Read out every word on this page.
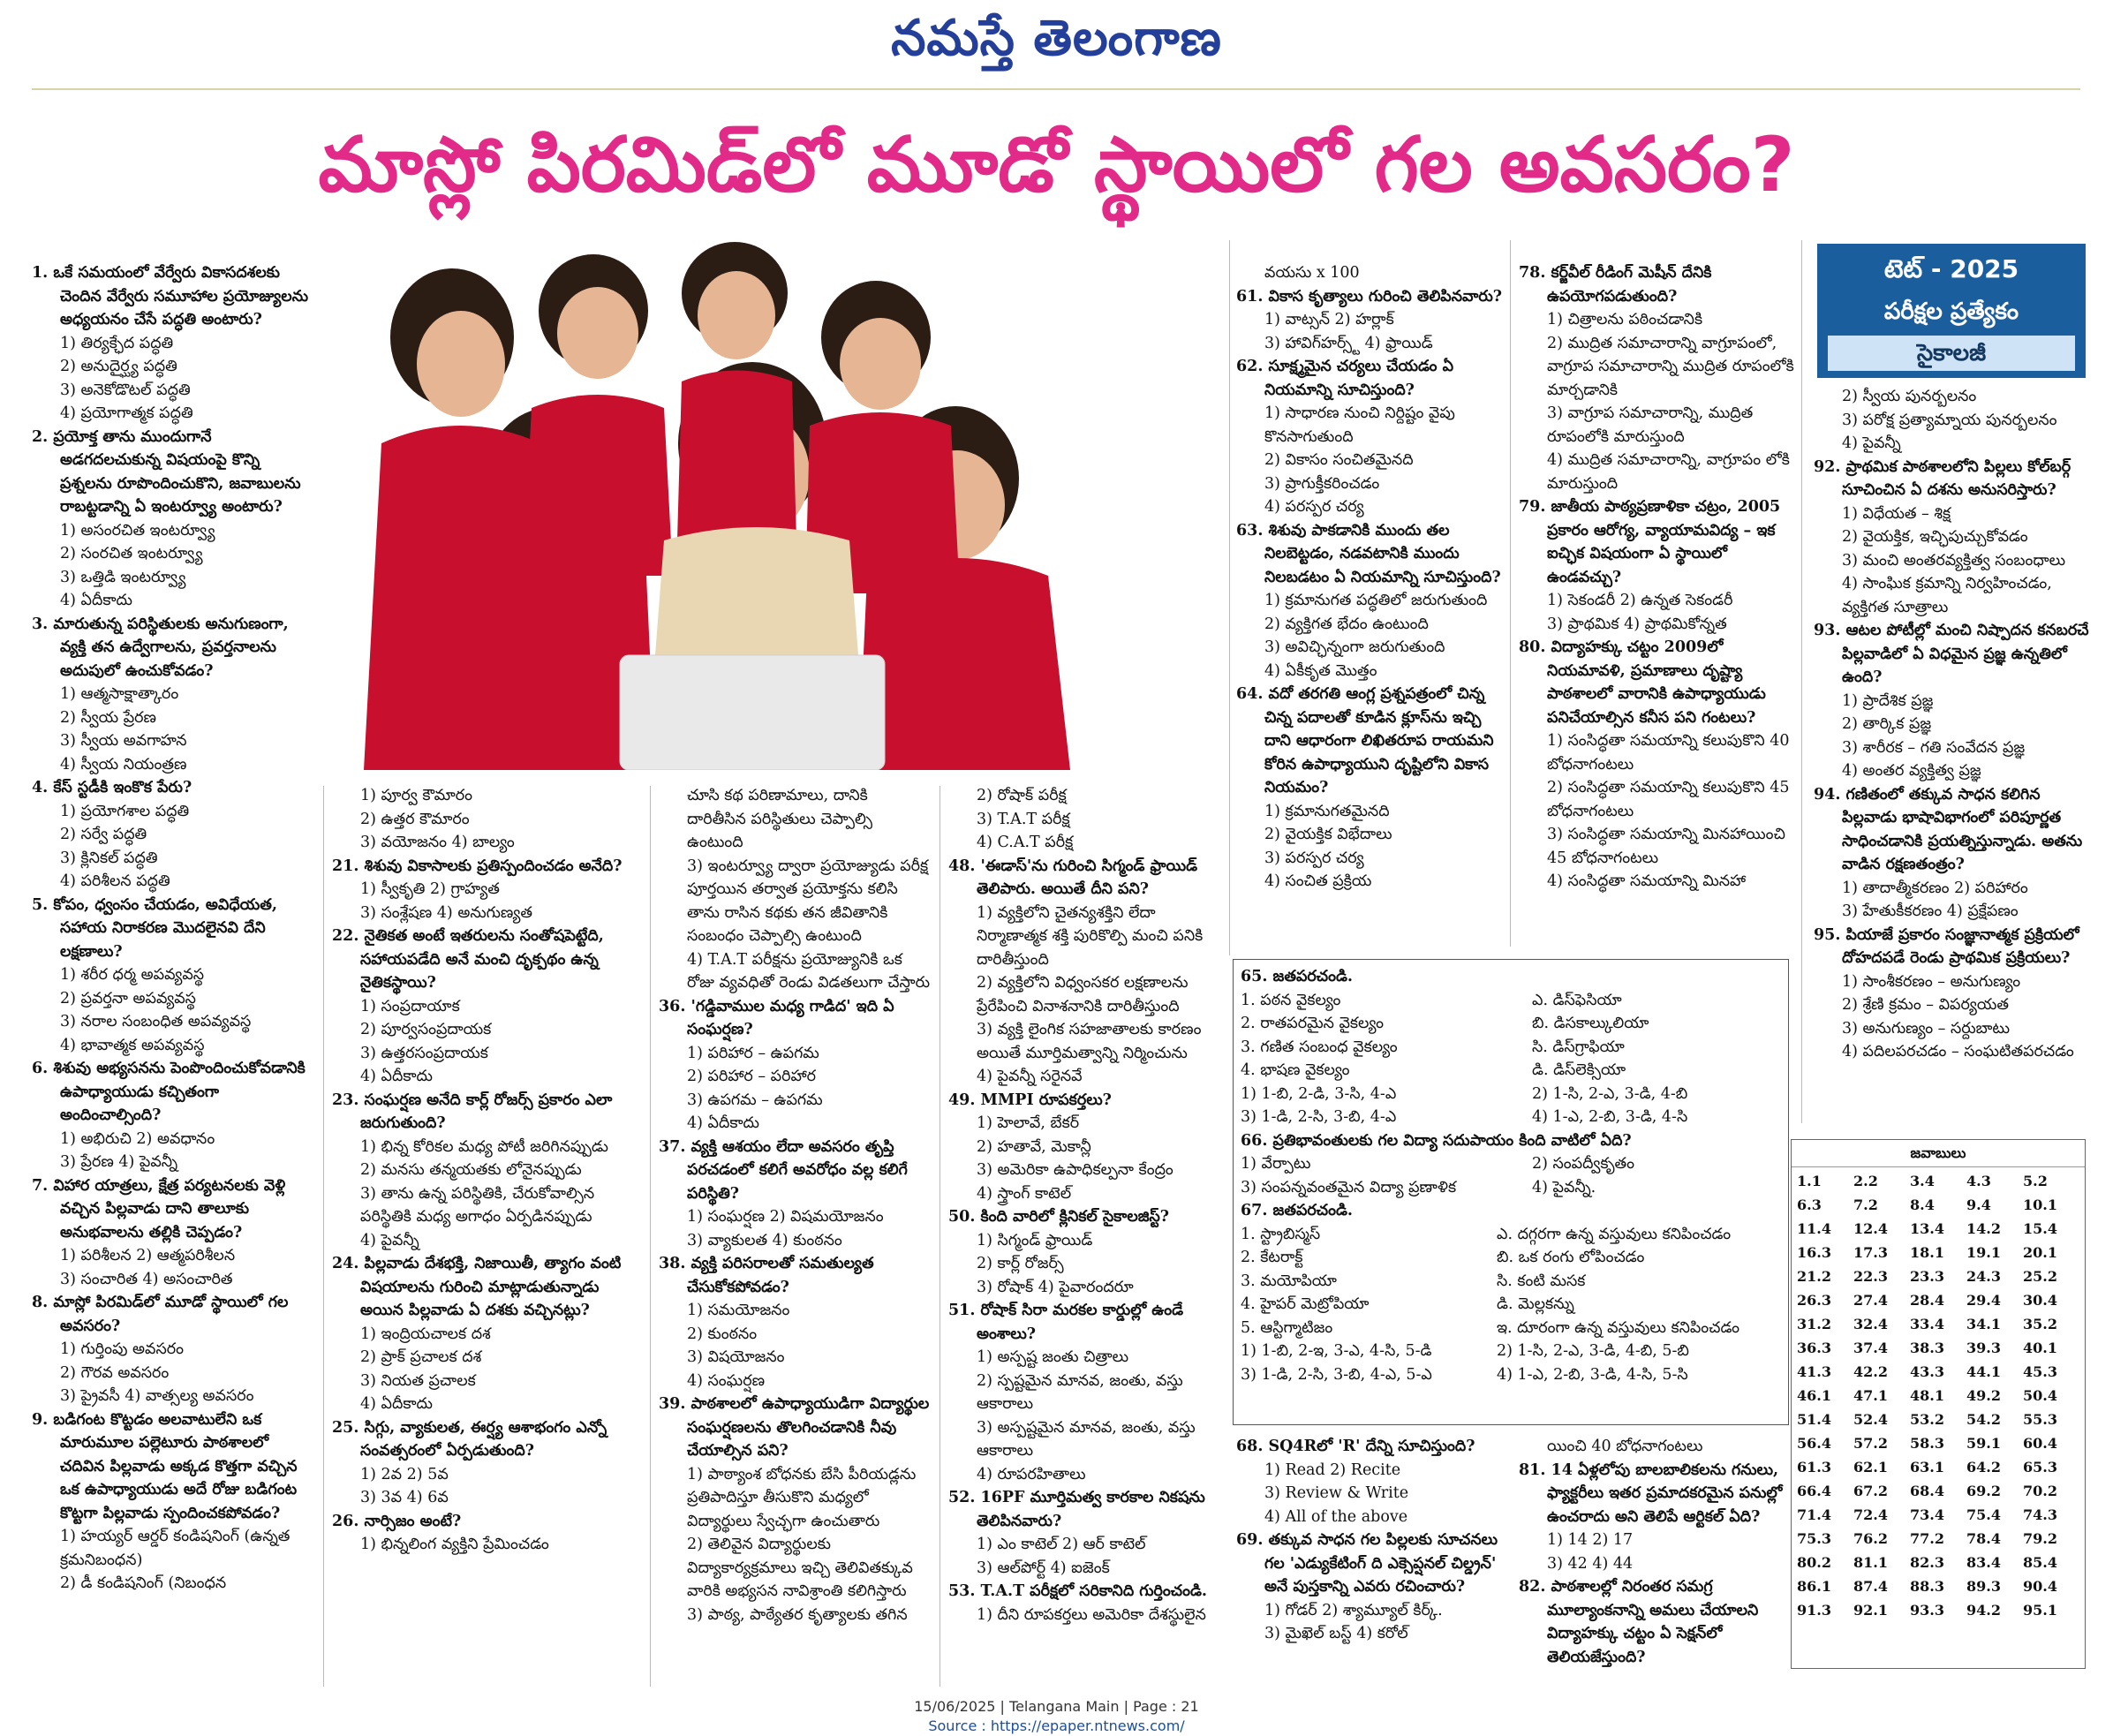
నమస్తే తెలంగాణ
మాస్లో పిరమిడ్‌లో మూడో స్థాయిలో గల అవసరం?

1. ఒకే సమయంలో వేర్వేరు వికాసదశలకు చెందిన వేర్వేరు సమూహాల ప్రయోజ్యులను అధ్యయనం చేసే పద్ధతి అంటారు?

1) తిర్యక్ఛేద పద్ధతి

2) అనుదైర్ఘ్య పద్ధతి

3) అనెకోడొటల్ పద్ధతి

4) ప్రయోగాత్మక పద్ధతి

2. ప్రయోక్త తాను ముందుగానే అడగదలచుకున్న విషయంపై కొన్ని ప్రశ్నలను రూపొందించుకొని, జవాబులను రాబట్టడాన్ని ఏ ఇంటర్వ్యూ అంటారు?

1) అసంరచిత ఇంటర్వ్యూ

2) సంరచిత ఇంటర్వ్యూ

3) ఒత్తిడి ఇంటర్వ్యూ

4) ఏదీకాదు

3. మారుతున్న పరిస్థితులకు అనుగుణంగా, వ్యక్తి తన ఉద్వేగాలను, ప్రవర్తనాలను అదుపులో ఉంచుకోవడం?

1) ఆత్మసాక్షాత్కారం

2) స్వీయ ప్రేరణ

3) స్వీయ అవగాహన

4) స్వీయ నియంత్రణ

4. కేస్ స్టడీకి ఇంకొక పేరు?

1) ప్రయోగశాల పద్ధతి

2) సర్వే పద్ధతి

3) క్లినికల్ పద్ధతి

4) పరిశీలన పద్ధతి

5. కోపం, ధ్వంసం చేయడం, అవిధేయత, సహాయ నిరాకరణ మొదలైనవి దేని లక్షణాలు?

1) శరీర ధర్మ అపవ్యవస్థ

2) ప్రవర్తనా అపవ్యవస్థ

3) నరాల సంబంధిత అపవ్యవస్థ

4) భావాత్మక అపవ్యవస్థ

6. శిశువు అభ్యసనను పెంపొందించుకోవడానికి ఉపాధ్యాయుడు కచ్చితంగా అందించాల్సింది?

1) అభిరుచి 2) అవధానం

3) ప్రేరణ 4) పైవన్నీ

7. విహార యాత్రలు, క్షేత్ర పర్యటనలకు వెళ్లి వచ్చిన పిల్లవాడు దాని తాలూకు అనుభవాలను తల్లికి చెప్పడం?

1) పరిశీలన 2) ఆత్మపరిశీలన

3) సంచారిత 4) అసంచారిత

8. మాస్లో పిరమిడ్‌లో మూడో స్థాయిలో గల అవసరం?

1) గుర్తింపు అవసరం

2) గౌరవ అవసరం

3) ప్రైవసీ 4) వాత్సల్య అవసరం

9. బడిగంట కొట్టడం అలవాటులేని ఒక మారుమూల పల్లెటూరు పాఠశాలలో చదివిన పిల్లవాడు అక్కడ కొత్తగా వచ్చిన ఒక ఉపాధ్యాయుడు అదే రోజు బడిగంట కొట్టగా పిల్లవాడు స్పందించకపోవడం?

1) హయ్యర్ ఆర్డర్ కండిషనింగ్ (ఉన్నత క్రమనిబంధన)

2) డీ కండిషనింగ్ (నిబంధన

1) పూర్వ కౌమారం

2) ఉత్తర కౌమారం

3) వయోజనం 4) బాల్యం

21. శిశువు వికాసాలకు ప్రతిస్పందించడం అనేది?

1) స్వీకృతి 2) గ్రాహ్యత

3) సంశ్లేషణ 4) అనుగుణ్యత

22. నైతికత అంటే ఇతరులను సంతోషపెట్టేది, సహాయపడేది అనే మంచి దృక్పథం ఉన్న నైతికస్థాయి?

1) సంప్రదాయాక

2) పూర్వసంప్రదాయక

3) ఉత్తరసంప్రదాయక

4) ఏదీకాదు

23. సంఘర్షణ అనేది కార్ల్ రోజర్స్ ప్రకారం ఎలా జరుగుతుంది?

1) భిన్న కోరికల మధ్య పోటీ జరిగినప్పుడు

2) మనసు తన్మయతకు లోనైనప్పుడు

3) తాను ఉన్న పరిస్థితికి, చేరుకోవాల్సిన పరిస్థితికి మధ్య అగాధం ఏర్పడినప్పుడు

4) పైవన్నీ

24. పిల్లవాడు దేశభక్తి, నిజాయితీ, త్యాగం వంటి విషయాలను గురించి మాట్లాడుతున్నాడు అయిన పిల్లవాడు ఏ దశకు వచ్చినట్లు?

1) ఇంద్రియచాలక దశ

2) ప్రాక్ ప్రచాలక దశ

3) నియత ప్రచాలక

4) ఏదీకాదు

25. సిగ్గు, వ్యాకులత, ఈర్ష్య ఆశాభంగం ఎన్నో సంవత్సరంలో ఏర్పడుతుంది?

1) 2వ 2) 5వ

3) 3వ 4) 6వ

26. నార్సిజం అంటే?

1) భిన్నలింగ వ్యక్తిని ప్రేమించడం

చూసి కథ పరిణామాలు, దానికి దారితీసిన పరిస్థితులు చెప్పాల్సి ఉంటుంది

3) ఇంటర్వ్యూ ద్వారా ప్రయోజ్యుడు పరీక్ష పూర్తయిన తర్వాత ప్రయోక్తను కలిసి తాను రాసిన కథకు తన జీవితానికి సంబంధం చెప్పాల్సి ఉంటుంది

4) T.A.T పరీక్షను ప్రయోజ్యునికి ఒక రోజు వ్యవధితో రెండు విడతలుగా చేస్తారు

36. 'గడ్డివాముల మధ్య గాడిద' ఇది ఏ సంఘర్షణ?

1) పరిహార – ఉపగమ

2) పరిహార – పరిహార

3) ఉపగమ – ఉపగమ

4) ఏదీకాదు

37. వ్యక్తి ఆశయం లేదా అవసరం తృప్తి పరచడంలో కలిగే అవరోధం వల్ల కలిగే పరిస్థితి?

1) సంఘర్షణ 2) విషమయోజనం

3) వ్యాకులత 4) కుంఠనం

38. వ్యక్తి పరిసరాలతో సమతుల్యత చేసుకోకపోవడం?

1) సమయోజనం

2) కుంఠనం

3) విషయోజనం

4) సంఘర్షణ

39. పాఠశాలలో ఉపాధ్యాయుడిగా విద్యార్థుల సంఘర్షణలను తొలగించడానికి నీవు చేయాల్సిన పని?

1) పాఠ్యాంశ బోధనకు బేసి పీరియడ్లను ప్రతిపాదిస్తూ తీసుకొని మధ్యలో విద్యార్థులు స్వేచ్ఛగా ఉంచుతారు

2) తెలివైన విద్యార్థులకు విద్యాకార్యక్రమాలు ఇచ్చి తెలివితక్కువ వారికి అభ్యసన నావిశ్రాంతి కలిగిస్తారు

3) పాఠ్య, పాఠ్యేతర కృత్యాలకు తగిన

2) రోషాక్ పరీక్ష

3) T.A.T పరీక్ష

4) C.A.T పరీక్ష

48. 'ఈడాస్'ను గురించి సిగ్మండ్ ఫ్రాయిడ్ తెలిపారు. అయితే దీని పని?

1) వ్యక్తిలోని చైతన్యశక్తిని లేదా నిర్మాణాత్మక శక్తి పురికొల్పి మంచి పనికి దారితీస్తుంది

2) వ్యక్తిలోని విధ్వంసకర లక్షణాలను ప్రేరేపించి వినాశనానికి దారితీస్తుంది

3) వ్యక్తి లైంగిక సహజాతాలకు కారణం అయితే మూర్తిమత్వాన్ని నిర్మించును

4) పైవన్నీ సరైనవే

49. MMPI రూపకర్తలు?

1) హెలావే, బేకర్

2) హతావే, మెకాన్లీ

3) అమెరికా ఉపాధికల్పనా కేంద్రం

4) స్త్రాంగ్ కాటెల్

50. కింది వారిలో క్లినికల్ సైకాలజిస్ట్?

1) సిగ్మండ్ ఫ్రాయిడ్

2) కార్ల్ రోజర్స్

3) రోషాక్ 4) పైవారందరూ

51. రోషాక్ సిరా మరకల కార్డుల్లో ఉండే అంశాలు?

1) అస్పష్ట జంతు చిత్రాలు

2) స్పష్టమైన మానవ, జంతు, వస్తు ఆకారాలు

3) అస్పష్టమైన మానవ, జంతు, వస్తు ఆకారాలు

4) రూపరహితాలు

52. 16PF మూర్తిమత్వ కారకాల నికషను తెలిపినవారు?

1) ఎం కాటెల్ 2) ఆర్ కాటెల్

3) ఆల్‌పోర్ట్ 4) ఐజెంక్

53. T.A.T పరీక్షలో సరికానిది గుర్తించండి.

1) దీని రూపకర్తలు అమెరికా దేశస్థులైన

వయసు x 100

61. వికాస కృత్యాలు గురించి తెలిపినవారు?

1) వాట్సన్ 2) హర్లాక్

3) హావిగ్‌హర్స్ట్ 4) ఫ్రాయిడ్

62. సూక్ష్మమైన చర్యలు చేయడం ఏ నియమాన్ని సూచిస్తుంది?

1) సాధారణ నుంచి నిర్దిష్టం వైపు కొనసాగుతుంది

2) వికాసం సంచితమైనది

3) ప్రాగుక్తీకరించడం

4) పరస్పర చర్య

63. శిశువు పాకడానికి ముందు తల నిలబెట్టడం, నడవటానికి ముందు నిలబడటం ఏ నియమాన్ని సూచిస్తుంది?

1) క్రమానుగత పద్ధతిలో జరుగుతుంది

2) వ్యక్తిగత భేదం ఉంటుంది

3) అవిచ్ఛిన్నంగా జరుగుతుంది

4) ఏకీకృత మొత్తం

64. వదో తరగతి ఆంగ్ల ప్రశ్నపత్రంలో చిన్న చిన్న పదాలతో కూడిన క్లూస్‌ను ఇచ్చి దాని ఆధారంగా లిఖితరూప రాయమని కోరిన ఉపాధ్యాయుని దృష్టిలోని వికాస నియమం?

1) క్రమానుగతమైనది

2) వైయక్తిక విభేదాలు

3) పరస్పర చర్య

4) సంచిత ప్రక్రియ

78. కర్జ్‌వీల్ రీడింగ్ మెషీన్ దేనికి ఉపయోగపడుతుంది?

1) చిత్రాలను పఠించడానికి

2) ముద్రిత సమాచారాన్ని వాగ్రూపంలో, వాగ్రూప సమాచారాన్ని ముద్రిత రూపంలోకి మార్చడానికి

3) వాగ్రూప సమాచారాన్ని, ముద్రిత రూపంలోకి మారుస్తుంది

4) ముద్రిత సమాచారాన్ని, వాగ్రూపం లోకి మారుస్తుంది

79. జాతీయ పాఠ్యప్రణాళికా చట్రం, 2005 ప్రకారం ఆరోగ్య, వ్యాయామవిద్య – ఇక ఐచ్ఛిక విషయంగా ఏ స్థాయిలో ఉండవచ్చు?

1) సెకండరీ 2) ఉన్నత సెకండరీ

3) ప్రాథమిక 4) ప్రాథమికోన్నత

80. విద్యాహక్కు చట్టం 2009లో నియమావళి, ప్రమాణాలు దృష్ట్యా పాఠశాలలో వారానికి ఉపాధ్యాయుడు పనిచేయాల్సిన కనీస పని గంటలు?

1) సంసిద్ధతా సమయాన్ని కలుపుకొని 40 బోధనాగంటలు

2) సంసిద్ధతా సమయాన్ని కలుపుకొని 45 బోధనాగంటలు

3) సంసిద్ధతా సమయాన్ని మినహాయించి 45 బోధనాగంటలు

4) సంసిద్ధతా సమయాన్ని మినహా

68. SQ4Rలో 'R' దేన్ని సూచిస్తుంది?

1) Read 2) Recite

3) Review & Write

4) All of the above

69. తక్కువ సాధన గల పిల్లలకు సూచనలు గల 'ఎడ్యుకేటింగ్ ది ఎక్సెప్షనల్ చిల్డ్రన్' అనే పుస్తకాన్ని ఎవరు రచించారు?

1) గోడర్ 2) శ్యామ్యూల్ కిర్క్.

3) మైఖెల్ బస్ట్ 4) కరోల్

యించి 40 బోధనాగంటలు

81. 14 ఏళ్లలోపు బాలబాలికలను గనులు, ఫ్యాక్టరీలు ఇతర ప్రమాదకరమైన పనుల్లో ఉంచరాదు అని తెలిపే ఆర్టికల్ ఏది?

1) 14 2) 17

3) 42 4) 44

82. పాఠశాలల్లో నిరంతర సమగ్ర మూల్యాంకనాన్ని అమలు చేయాలని విద్యాహక్కు చట్టం ఏ సెక్షన్‌లో తెలియజేస్తుంది?

2) స్వీయ పునర్బలనం

3) పరోక్ష ప్రత్యామ్నాయ పునర్బలనం

4) పైవన్నీ

92. ప్రాథమిక పాఠశాలలోని పిల్లలు కోల్‌బర్గ్ సూచించిన ఏ దశను అనుసరిస్తారు?

1) విధేయత – శిక్ష

2) వైయక్తిక, ఇచ్ఛిపుచ్చుకోవడం

3) మంచి అంతరవ్యక్తిత్వ సంబంధాలు

4) సాంఘిక క్రమాన్ని నిర్వహించడం, వ్యక్తిగత సూత్రాలు

93. ఆటల పోటీల్లో మంచి నిష్పాదన కనబరచే పిల్లవాడిలో ఏ విధమైన ప్రజ్ఞ ఉన్నతిలో ఉంది?

1) ప్రాదేశిక ప్రజ్ఞ

2) తార్కిక ప్రజ్ఞ

3) శారీరక – గతి సంవేదన ప్రజ్ఞ

4) అంతర వ్యక్తిత్వ ప్రజ్ఞ

94. గణితంలో తక్కువ సాధన కలిగిన పిల్లవాడు భాషావిభాగంలో పరిపూర్ణత సాధించడానికి ప్రయత్నిస్తున్నాడు. అతను వాడిన రక్షణతంత్రం?

1) తాదాత్మీకరణం 2) పరిహారం

3) హేతుకీకరణం 4) ప్రక్షేపణం

95. పియాజే ప్రకారం సంజ్ఞానాత్మక ప్రక్రియలో దోహదపడే రెండు ప్రాథమిక ప్రక్రియలు?

1) సాంశీకరణం – అనుగుణ్యం

2) శ్రేణి క్రమం – విపర్యయత

3) అనుగుణ్యం – సర్దుబాటు

4) పదిలపరచడం – సంఘటితపరచడం

65. జతపరచండి.

1. పఠన వైకల్యం	ఎ. డిస్‌ఫెసియా
2. రాతపరమైన వైకల్యం	బి. డిసకాల్కులియా
3. గణిత సంబంధ వైకల్యం	సి. డిస్‌గ్రాఫియా
4. భాషణ వైకల్యం	డి. డిస్‌లెక్సియా
1) 1-బి, 2-డి, 3-సి, 4-ఎ	2) 1-సి, 2-ఎ, 3-డి, 4-బి
3) 1-డి, 2-సి, 3-బి, 4-ఎ	4) 1-ఎ, 2-బి, 3-డి, 4-సి

66. ప్రతిభావంతులకు గల విద్యా సదుపాయం కింది వాటిలో ఏది?

1) వేర్పాటు	2) సంపద్వీకృతం
3) సంపన్నవంతమైన విద్యా ప్రణాళిక	4) పైవన్నీ.

67. జతపరచండి.

1. స్ట్రాబిస్మస్	ఎ. దగ్గరగా ఉన్న వస్తువులు కనిపించడం
2. కేటరాక్ట్	బి. ఒక రంగు లోపించడం
3. మయోపియా	సి. కంటి మసక
4. హైపర్ మెట్రోపియా	డి. మెల్లకన్ను
5. ఆస్టిగ్మాటిజం	ఇ. దూరంగా ఉన్న వస్తువులు కనిపించడం
1) 1-బి, 2-ఇ, 3-ఎ, 4-సి, 5-డి	2) 1-సి, 2-ఎ, 3-డి, 4-బి, 5-బి
3) 1-డి, 2-సి, 3-బి, 4-ఎ, 5-ఎ	4) 1-ఎ, 2-బి, 3-డి, 4-సి, 5-సి
టెట్ - 2025
పరీక్షల ప్రత్యేకం
సైకాలజీ
జవాబులు
1.1	2.2	3.4	4.3	5.2
6.3	7.2	8.4	9.4	10.1
11.4	12.4	13.4	14.2	15.4
16.3	17.3	18.1	19.1	20.1
21.2	22.3	23.3	24.3	25.2
26.3	27.4	28.4	29.4	30.4
31.2	32.4	33.4	34.1	35.2
36.3	37.4	38.3	39.3	40.1
41.3	42.2	43.3	44.1	45.3
46.1	47.1	48.1	49.2	50.4
51.4	52.4	53.2	54.2	55.3
56.4	57.2	58.3	59.1	60.4
61.3	62.1	63.1	64.2	65.3
66.4	67.2	68.4	69.2	70.2
71.4	72.4	73.4	75.4	74.3
75.3	76.2	77.2	78.4	79.2
80.2	81.1	82.3	83.4	85.4
86.1	87.4	88.3	89.3	90.4
91.3	92.1	93.3	94.2	95.1
15/06/2025 | Telangana Main | Page : 21
Source : https://epaper.ntnews.com/
